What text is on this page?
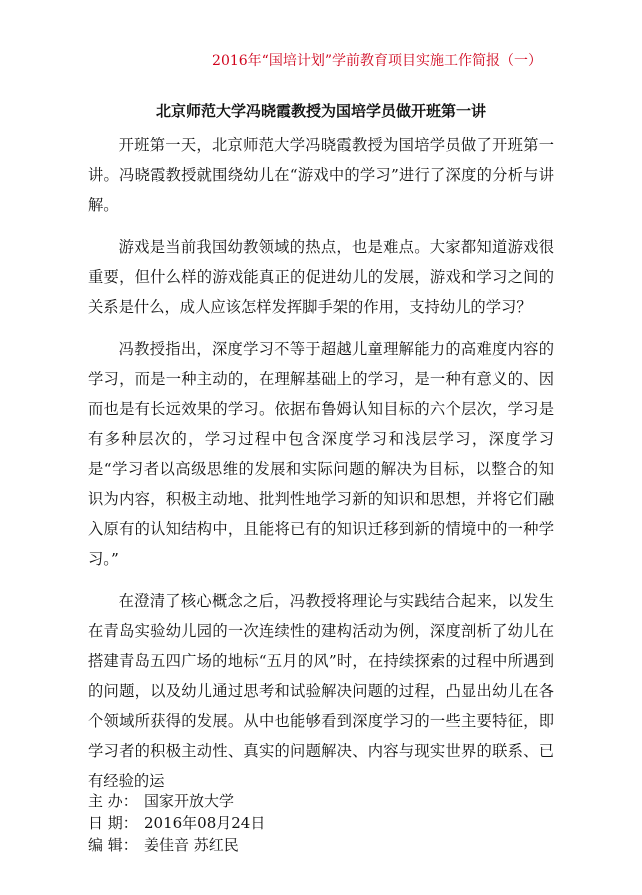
2016年“国培计划”学前教育项目实施工作简报（一）
北京师范大学冯晓霞教授为国培学员做开班第一讲

开班第一天，北京师范大学冯晓霞教授为国培学员做了开班第一讲。冯晓霞教授就围绕幼儿在“游戏中的学习”进行了深度的分析与讲解。

游戏是当前我国幼教领域的热点，也是难点。大家都知道游戏很重要，但什么样的游戏能真正的促进幼儿的发展，游戏和学习之间的关系是什么，成人应该怎样发挥脚手架的作用，支持幼儿的学习？

冯教授指出，深度学习不等于超越儿童理解能力的高难度内容的学习，而是一种主动的，在理解基础上的学习，是一种有意义的、因而也是有长远效果的学习。依据布鲁姆认知目标的六个层次，学习是有多种层次的，学习过程中包含深度学习和浅层学习，深度学习是“学习者以高级思维的发展和实际问题的解决为目标，以整合的知识为内容，积极主动地、批判性地学习新的知识和思想，并将它们融入原有的认知结构中，且能将已有的知识迁移到新的情境中的一种学习。”

在澄清了核心概念之后，冯教授将理论与实践结合起来，以发生在青岛实验幼儿园的一次连续性的建构活动为例，深度剖析了幼儿在搭建青岛五四广场的地标“五月的风”时，在持续探索的过程中所遇到的问题，以及幼儿通过思考和试验解决问题的过程，凸显出幼儿在各个领域所获得的发展。从中也能够看到深度学习的一些主要特征，即学习者的积极主动性、真实的问题解决、内容与现实世界的联系、已有经验的运

主 办： 国家开放大学
日 期： 2016年08月24日
编 辑： 姜佳音 苏红民
